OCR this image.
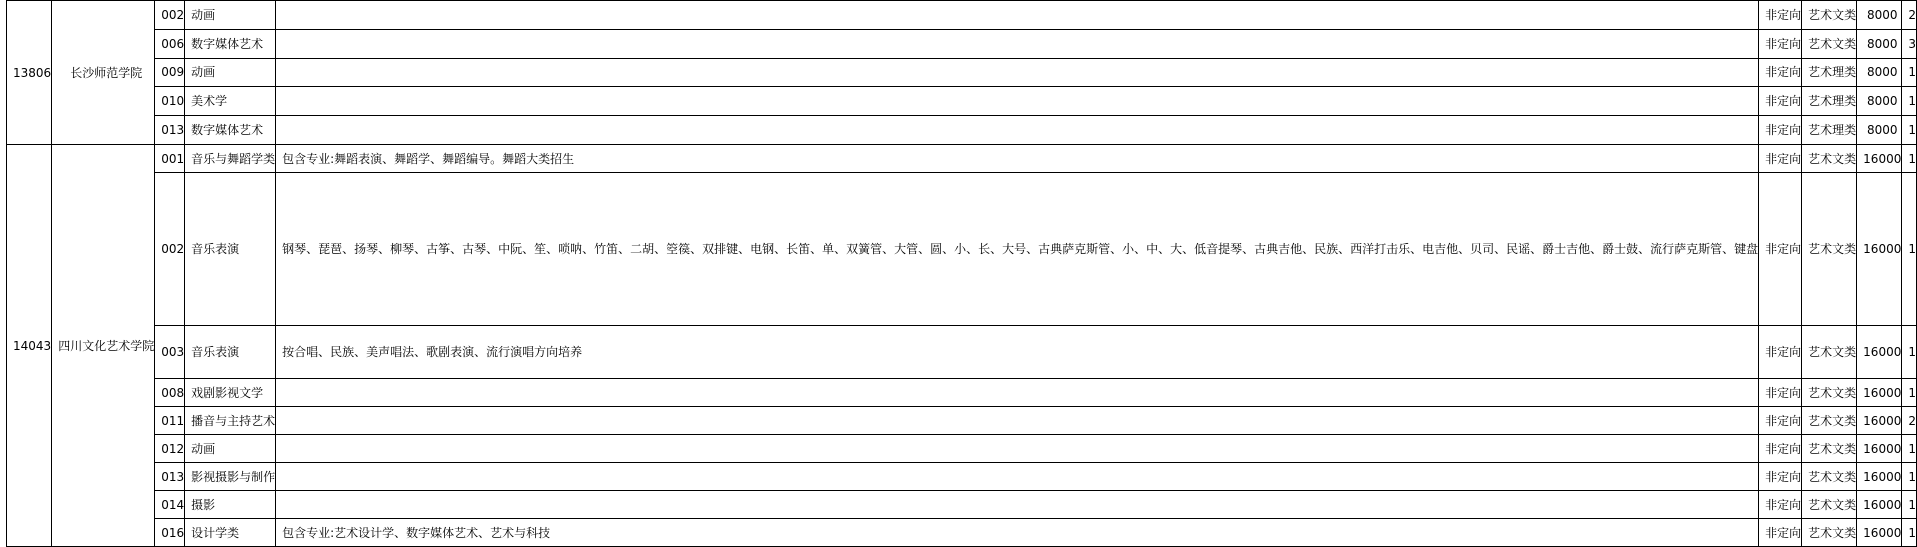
13806	长沙师范学院	002	动画		非定向	艺术文类	8000	2
		006	数字媒体艺术		非定向	艺术文类	8000	3
		009	动画		非定向	艺术理类	8000	1
		010	美术学		非定向	艺术理类	8000	1
		013	数字媒体艺术		非定向	艺术理类	8000	1
14043	四川文化艺术学院	001	音乐与舞蹈学类	包含专业:舞蹈表演、舞蹈学、舞蹈编导。舞蹈大类招生	非定向	艺术文类	16000	1
		002	音乐表演	钢琴、琵琶、扬琴、柳琴、古筝、古琴、中阮、笙、唢呐、竹笛、二胡、箜篌、双排键、电钢、长笛、单、双簧管、大管、圆、小、长、大号、古典萨克斯管、小、中、大、低音提琴、古典吉他、民族、西洋打击乐、电吉他、贝司、民谣、爵士吉他、爵士鼓、流行萨克斯管、键盘	非定向	艺术文类	16000	1
		003	音乐表演	按合唱、民族、美声唱法、歌剧表演、流行演唱方向培养	非定向	艺术文类	16000	1
		008	戏剧影视文学		非定向	艺术文类	16000	1
		011	播音与主持艺术		非定向	艺术文类	16000	2
		012	动画		非定向	艺术文类	16000	1
		013	影视摄影与制作		非定向	艺术文类	16000	1
		014	摄影		非定向	艺术文类	16000	1
		016	设计学类	包含专业:艺术设计学、数字媒体艺术、艺术与科技	非定向	艺术文类	16000	1
